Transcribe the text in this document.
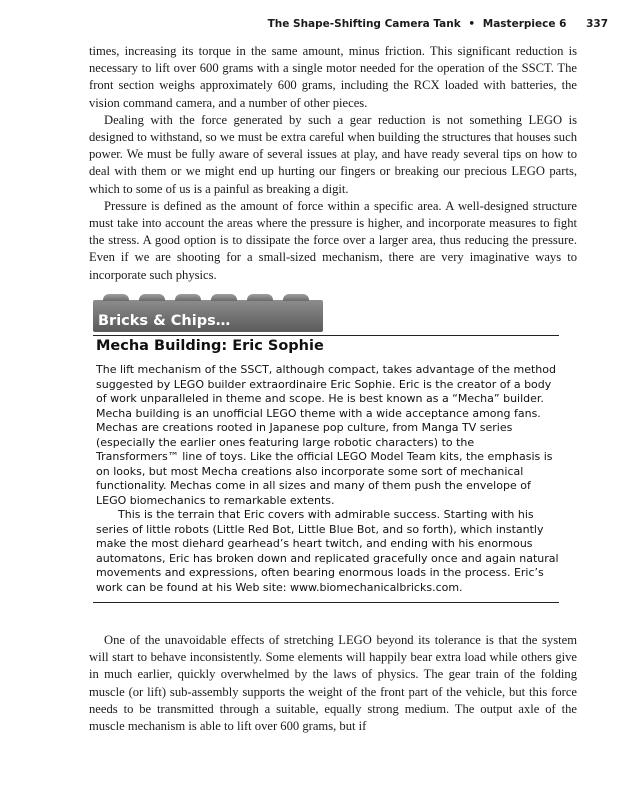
The Shape-Shifting Camera Tank • Masterpiece 6 337

times, increasing its torque in the same amount, minus friction. This significant reduction is necessary to lift over 600 grams with a single motor needed for the operation of the SSCT. The front section weighs approximately 600 grams, including the RCX loaded with batteries, the vision command camera, and a number of other pieces.

Dealing with the force generated by such a gear reduction is not something LEGO is designed to withstand, so we must be extra careful when building the structures that houses such power. We must be fully aware of several issues at play, and have ready several tips on how to deal with them or we might end up hurting our fingers or breaking our precious LEGO parts, which to some of us is a painful as breaking a digit.

Pressure is defined as the amount of force within a specific area. A well-designed structure must take into account the areas where the pressure is higher, and incorporate measures to fight the stress. A good option is to dissipate the force over a larger area, thus reducing the pressure. Even if we are shooting for a small-sized mechanism, there are very imaginative ways to incorporate such physics.

Bricks & Chips…
Mecha Building: Eric Sophie

The lift mechanism of the SSCT, although compact, takes advantage of the method suggested by LEGO builder extraordinaire Eric Sophie. Eric is the creator of a body of work unparalleled in theme and scope. He is best known as a “Mecha” builder. Mecha building is an unofficial LEGO theme with a wide acceptance among fans. Mechas are creations rooted in Japanese pop culture, from Manga TV series (especially the earlier ones featuring large robotic characters) to the Transformers™ line of toys. Like the official LEGO Model Team kits, the emphasis is on looks, but most Mecha creations also incorporate some sort of mechanical functionality. Mechas come in all sizes and many of them push the envelope of LEGO biomechanics to remarkable extents.

This is the terrain that Eric covers with admirable success. Starting with his series of little robots (Little Red Bot, Little Blue Bot, and so forth), which instantly make the most diehard gearhead’s heart twitch, and ending with his enormous automatons, Eric has broken down and replicated gracefully once and again natural movements and expressions, often bearing enormous loads in the process. Eric’s work can be found at his Web site: www.biomechanicalbricks.com.

One of the unavoidable effects of stretching LEGO beyond its tolerance is that the system will start to behave inconsistently. Some elements will happily bear extra load while others give in much earlier, quickly overwhelmed by the laws of physics. The gear train of the folding muscle (or lift) sub-assembly supports the weight of the front part of the vehicle, but this force needs to be transmitted through a suitable, equally strong medium. The output axle of the muscle mechanism is able to lift over 600 grams, but if
